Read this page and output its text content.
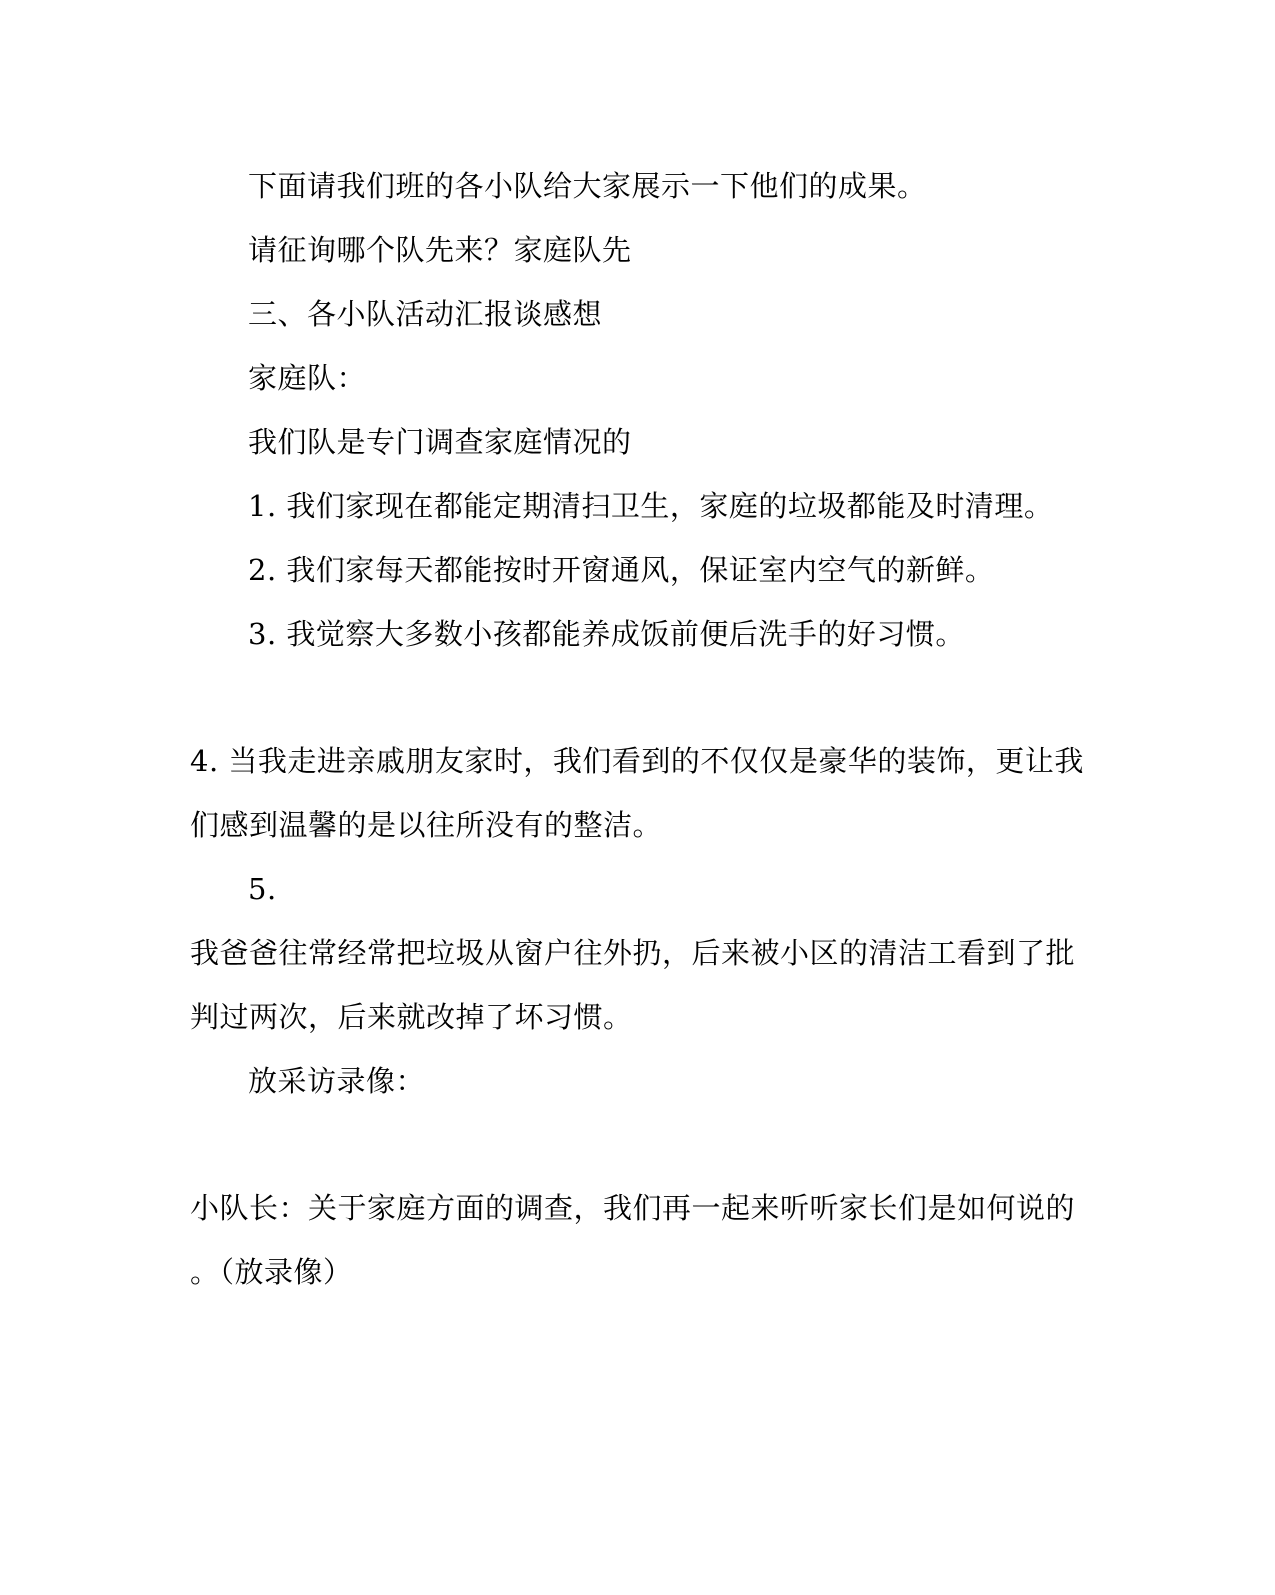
下面请我们班的各小队给大家展示一下他们的成果。
请征询哪个队先来？家庭队先
三、各小队活动汇报谈感想
家庭队：
我们队是专门调查家庭情况的
1. 我们家现在都能定期清扫卫生，家庭的垃圾都能及时清理。
2. 我们家每天都能按时开窗通风，保证室内空气的新鲜。
3. 我觉察大多数小孩都能养成饭前便后洗手的好习惯。
4. 当我走进亲戚朋友家时，我们看到的不仅仅是豪华的装饰，更让我
们感到温馨的是以往所没有的整洁。
5.
我爸爸往常经常把垃圾从窗户往外扔，后来被小区的清洁工看到了批
判过两次，后来就改掉了坏习惯。
放采访录像：
小队长：关于家庭方面的调查，我们再一起来听听家长们是如何说的
。（放录像）
